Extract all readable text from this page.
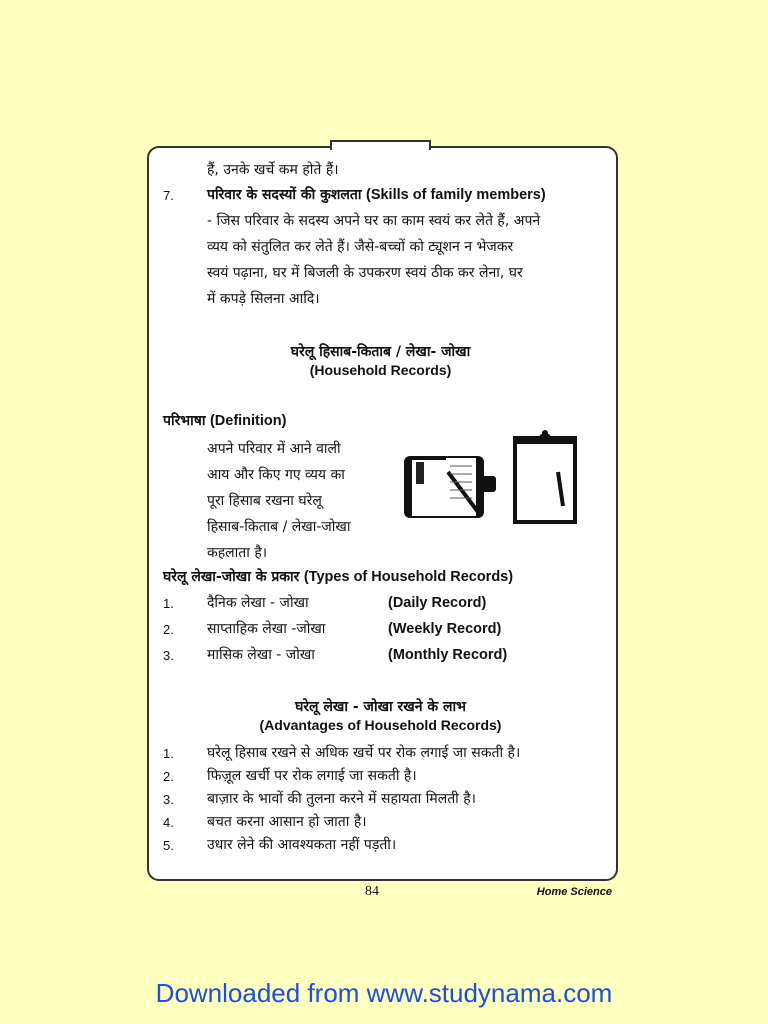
हैं, उनके खर्चे कम होते हैं।
7. परिवार के सदस्यों की कुशलता (Skills of family members)
- जिस परिवार के सदस्य अपने घर का काम स्वयं कर लेते हैं, अपने
व्यय को संतुलित कर लेते हैं। जैसे-बच्चों को ट्यूशन न भेजकर
स्वयं पढ़ाना, घर में बिजली के उपकरण स्वयं ठीक कर लेना, घर
में कपड़े सिलना आदि।
घरेलू हिसाब-किताब / लेखा- जोखा
(Household Records)
परिभाषा (Definition)
अपने परिवार में आने वाली
आय और किए गए व्यय का
पूरा हिसाब रखना घरेलू
हिसाब-किताब / लेखा-जोखा
कहलाता है।
घरेलू लेखा-जोखा के प्रकार (Types of Household Records)
1. दैनिक लेखा - जोखा	(Daily Record)
2. साप्ताहिक लेखा -जोखा	(Weekly Record)
3. मासिक लेखा - जोखा	(Monthly Record)
घरेलू लेखा - जोखा रखने के लाभ
(Advantages of Household Records)
1. घरेलू हिसाब रखने से अधिक खर्चे पर रोक लगाई जा सकती है।
2. फिज़ूल खर्ची पर रोक लगाई जा सकती है।
3. बाज़ार के भावों की तुलना करने में सहायता मिलती है।
4. बचत करना आसान हो जाता है।
5. उधार लेने की आवश्यकता नहीं पड़ती।
84	Home Science
Downloaded from www.studynama.com
